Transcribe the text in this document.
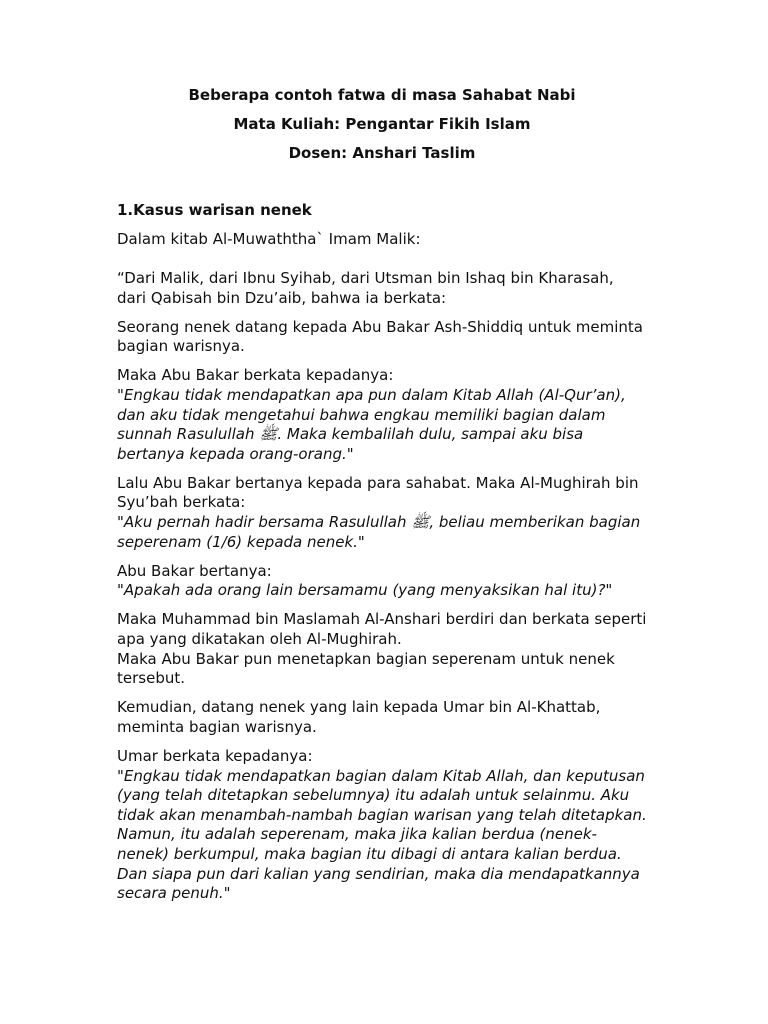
Beberapa contoh fatwa di masa Sahabat Nabi

Mata Kuliah: Pengantar Fikih Islam

Dosen: Anshari Taslim

1.Kasus warisan nenek

Dalam kitab Al-Muwaththa` Imam Malik:

“Dari Malik, dari Ibnu Syihab, dari Utsman bin Ishaq bin Kharasah, dari Qabisah bin Dzu’aib, bahwa ia berkata:

Seorang nenek datang kepada Abu Bakar Ash-Shiddiq untuk meminta bagian warisnya.

Maka Abu Bakar berkata kepadanya:
"Engkau tidak mendapatkan apa pun dalam Kitab Allah (Al-Qur’an), dan aku tidak mengetahui bahwa engkau memiliki bagian dalam sunnah Rasulullah ﷺ. Maka kembalilah dulu, sampai aku bisa bertanya kepada orang-orang."

Lalu Abu Bakar bertanya kepada para sahabat. Maka Al-Mughirah bin Syu’bah berkata:
"Aku pernah hadir bersama Rasulullah ﷺ, beliau memberikan bagian seperenam (1/6) kepada nenek."

Abu Bakar bertanya:
"Apakah ada orang lain bersamamu (yang menyaksikan hal itu)?"

Maka Muhammad bin Maslamah Al-Anshari berdiri dan berkata seperti apa yang dikatakan oleh Al-Mughirah.
Maka Abu Bakar pun menetapkan bagian seperenam untuk nenek tersebut.

Kemudian, datang nenek yang lain kepada Umar bin Al-Khattab, meminta bagian warisnya.

Umar berkata kepadanya:
"Engkau tidak mendapatkan bagian dalam Kitab Allah, dan keputusan (yang telah ditetapkan sebelumnya) itu adalah untuk selainmu. Aku tidak akan menambah-nambah bagian warisan yang telah ditetapkan. Namun, itu adalah seperenam, maka jika kalian berdua (nenek-nenek) berkumpul, maka bagian itu dibagi di antara kalian berdua. Dan siapa pun dari kalian yang sendirian, maka dia mendapatkannya secara penuh."
